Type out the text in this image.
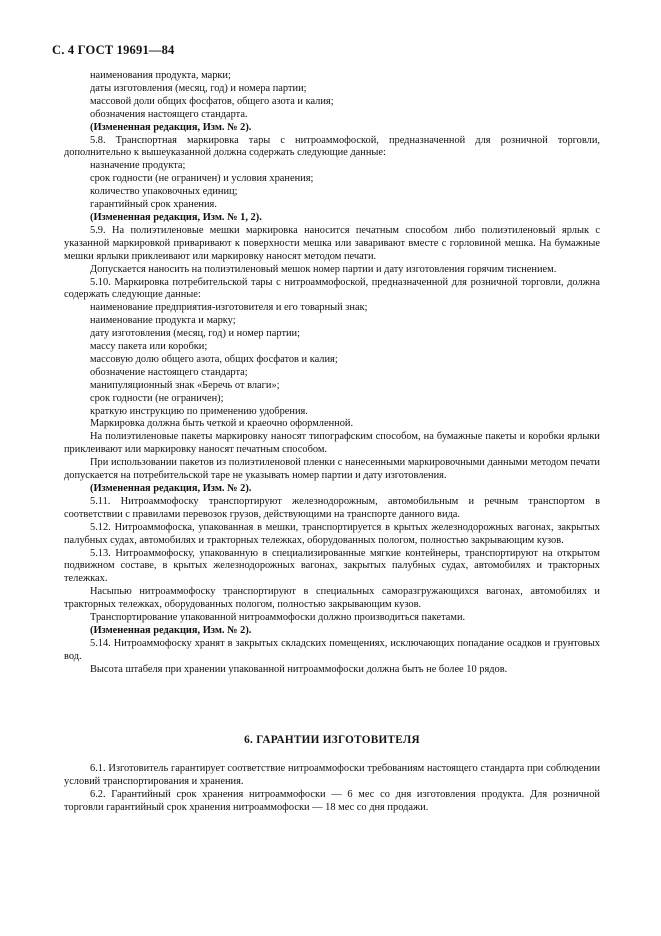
С. 4 ГОСТ 19691—84

наименования продукта, марки;

даты изготовления (месяц, год) и номера партии;

массовой доли общих фосфатов, общего азота и калия;

обозначения настоящего стандарта.

(Измененная редакция, Изм. № 2).

5.8. Транспортная маркировка тары с нитроаммофоской, предназначенной для розничной торговли, дополнительно к вышеуказанной должна содержать следующие данные:

назначение продукта;

срок годности (не ограничен) и условия хранения;

количество упаковочных единиц;

гарантийный срок хранения.

(Измененная редакция, Изм. № 1, 2).

5.9. На полиэтиленовые мешки маркировка наносится печатным способом либо полиэтиленовый ярлык с указанной маркировкой приваривают к поверхности мешка или заваривают вместе с горловиной мешка. На бумажные мешки ярлыки приклеивают или маркировку наносят методом печати.

Допускается наносить на полиэтиленовый мешок номер партии и дату изготовления горячим тиснением.

5.10. Маркировка потребительской тары с нитроаммофоской, предназначенной для розничной торговли, должна содержать следующие данные:

наименование предприятия-изготовителя и его товарный знак;

наименование продукта и марку;

дату изготовления (месяц, год) и номер партии;

массу пакета или коробки;

массовую долю общего азота, общих фосфатов и калия;

обозначение настоящего стандарта;

манипуляционный знак «Беречь от влаги»;

срок годности (не ограничен);

краткую инструкцию по применению удобрения.

Маркировка должна быть четкой и краеочно оформленной.

На полиэтиленовые пакеты маркировку наносят типографским способом, на бумажные пакеты и коробки ярлыки приклеивают или маркировку наносят печатным способом.

При использовании пакетов из полиэтиленовой пленки с нанесенными маркировочными данными методом печати допускается на потребительской таре не указывать номер партии и дату изготовления.

(Измененная редакция, Изм. № 2).

5.11. Нитроаммофоску транспортируют железнодорожным, автомобильным и речным транспортом в соответствии с правилами перевозок грузов, действующими на транспорте данного вида.

5.12. Нитроаммофоска, упакованная в мешки, транспортируется в крытых железнодорожных вагонах, закрытых палубных судах, автомобилях и тракторных тележках, оборудованных пологом, полностью закрывающим кузов.

5.13. Нитроаммофоску, упакованную в специализированные мягкие контейнеры, транспортируют на открытом подвижном составе, в крытых железнодорожных вагонах, закрытых палубных судах, автомобилях и тракторных тележках.

Насыпью нитроаммофоску транспортируют в специальных саморазгружающихся вагонах, автомобилях и тракторных тележках, оборудованных пологом, полностью закрывающим кузов.

Транспортирование упакованной нитроаммофоски должно производиться пакетами.

(Измененная редакция, Изм. № 2).

5.14. Нитроаммофоску хранят в закрытых складских помещениях, исключающих попадание осадков и грунтовых вод.

Высота штабеля при хранении упакованной нитроаммофоски должна быть не более 10 рядов.

6. ГАРАНТИИ ИЗГОТОВИТЕЛЯ

6.1. Изготовитель гарантирует соответствие нитроаммофоски требованиям настоящего стандарта при соблюдении условий транспортирования и хранения.

6.2. Гарантийный срок хранения нитроаммофоски — 6 мес со дня изготовления продукта. Для розничной торговли гарантийный срок хранения нитроаммофоски — 18 мес со дня продажи.
